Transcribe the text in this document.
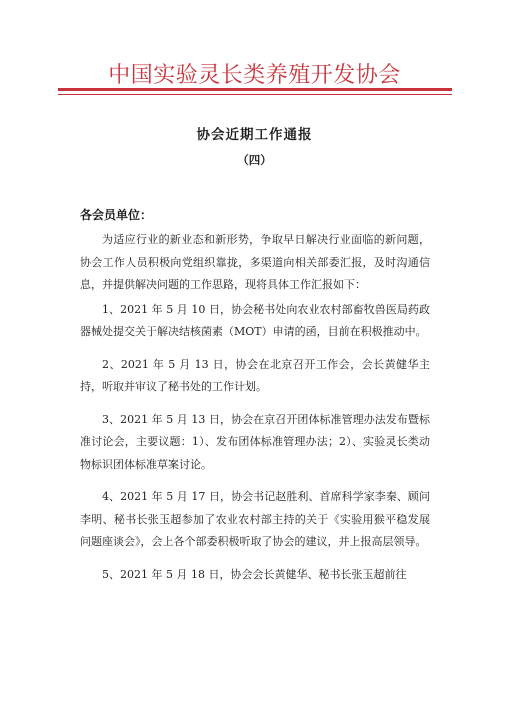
中国实验灵长类养殖开发协会
协会近期工作通报
（四）
各会员单位：

为适应行业的新业态和新形势，争取早日解决行业面临的新问题，协会工作人员积极向党组织靠拢，多渠道向相关部委汇报，及时沟通信息，并提供解决问题的工作思路，现将具体工作汇报如下：

1、2021 年 5 月 10 日，协会秘书处向农业农村部畜牧兽医局药政器械处提交关于解决结核菌素（MOT）申请的函，目前在积极推动中。

2、2021 年 5 月 13 日，协会在北京召开工作会，会长黄健华主持，听取并审议了秘书处的工作计划。

3、2021 年 5 月 13 日，协会在京召开团体标准管理办法发布暨标准讨论会，主要议题：1）、发布团体标准管理办法；2）、实验灵长类动物标识团体标准草案讨论。

4、2021 年 5 月 17 日，协会书记赵胜利、首席科学家李秦、顾问李明、秘书长张玉超参加了农业农村部主持的关于《实验用猴平稳发展问题座谈会》，会上各个部委积极听取了协会的建议，并上报高层领导。

5、2021 年 5 月 18 日，协会会长黄健华、秘书长张玉超前往
